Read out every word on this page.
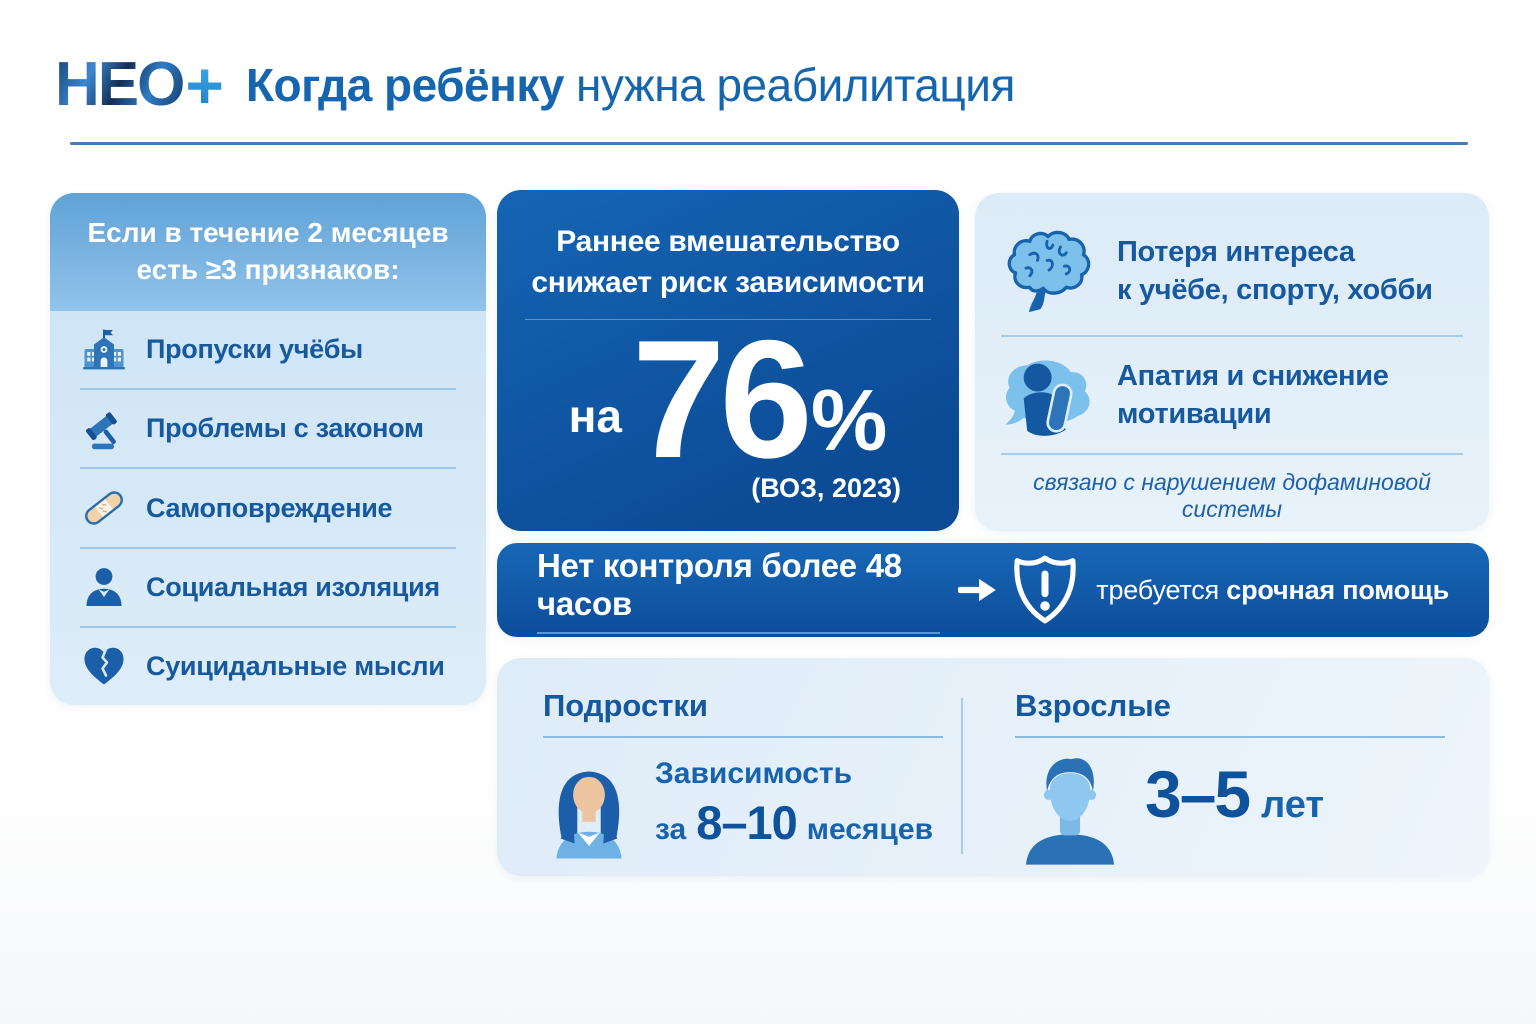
НЕО + Когда ребёнку нужна реабилитация
Если в течение 2 месяцев
есть ≥3 признаков:
Пропуски учёбы
Проблемы с законом
Самоповреждение
Социальная изоляция
Суицидальные мысли
Раннее вмешательство
снижает риск зависимости
на 76 %
(ВОЗ, 2023)
Потеря интереса
к учёбе, спорту, хобби
Апатия и снижение
мотивации
связано с нарушением дофаминовой системы
Нет контроля более 48 часов	требуется срочная помощь
Подростки
Зависимость
за 8–10 месяцев
Взрослые
3–5 лет
